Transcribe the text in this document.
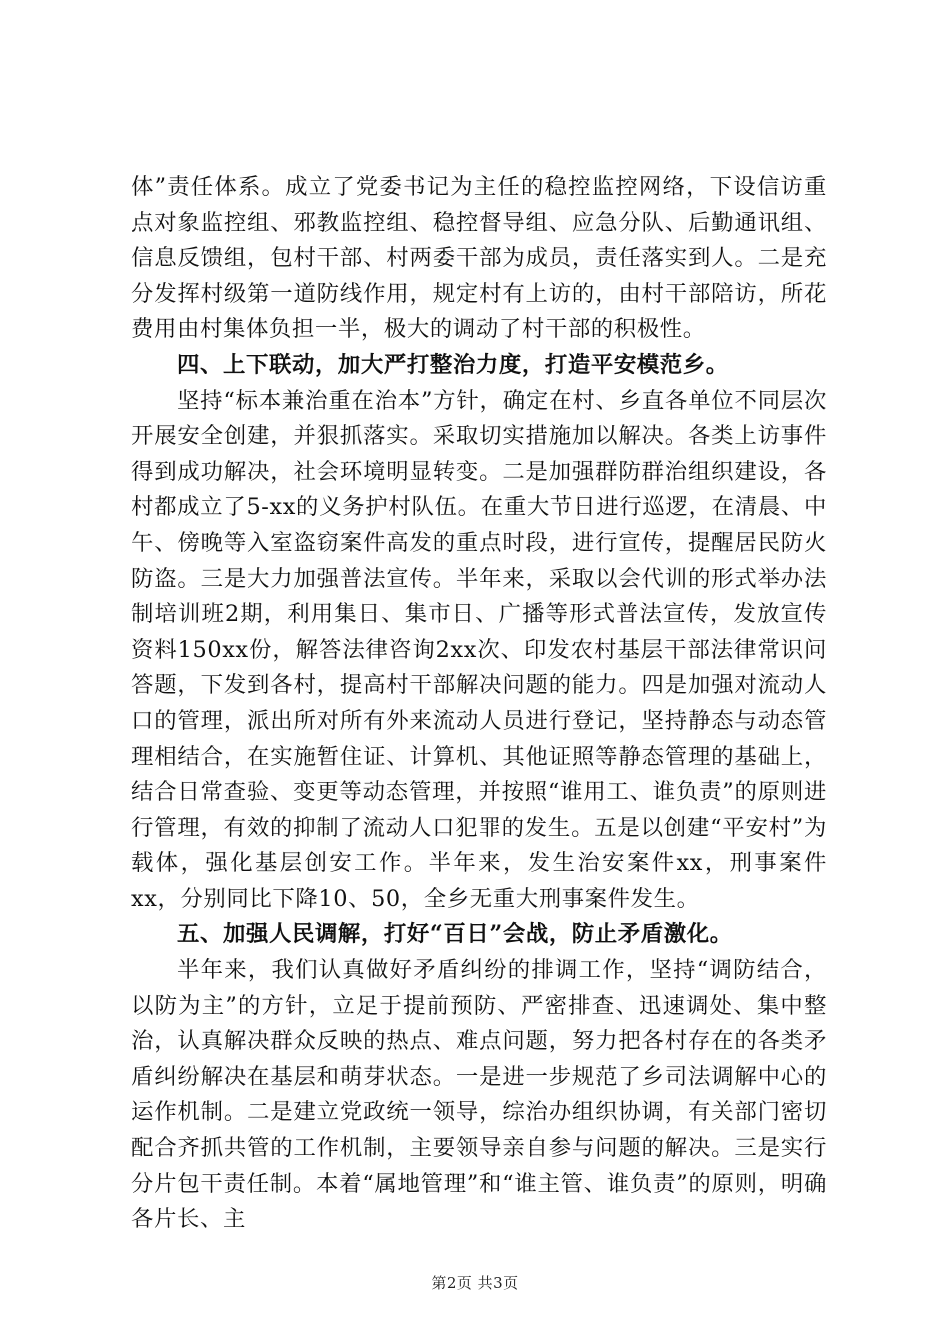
体”责任体系。成立了党委书记为主任的稳控监控网络，下设信访重点对象监控组、邪教监控组、稳控督导组、应急分队、后勤通讯组、信息反馈组，包村干部、村两委干部为成员，责任落实到人。二是充分发挥村级第一道防线作用，规定村有上访的，由村干部陪访，所花费用由村集体负担一半，极大的调动了村干部的积极性。

四、上下联动，加大严打整治力度，打造平安模范乡。

坚持“标本兼治重在治本”方针，确定在村、乡直各单位不同层次开展安全创建，并狠抓落实。采取切实措施加以解决。各类上访事件得到成功解决，社会环境明显转变。二是加强群防群治组织建设，各村都成立了5-xx的义务护村队伍。在重大节日进行巡逻，在清晨、中午、傍晚等入室盗窃案件高发的重点时段，进行宣传，提醒居民防火防盗。三是大力加强普法宣传。半年来，采取以会代训的形式举办法制培训班2期，利用集日、集市日、广播等形式普法宣传，发放宣传资料150xx份，解答法律咨询2xx次、印发农村基层干部法律常识问答题，下发到各村，提高村干部解决问题的能力。四是加强对流动人口的管理，派出所对所有外来流动人员进行登记，坚持静态与动态管理相结合，在实施暂住证、计算机、其他证照等静态管理的基础上，结合日常查验、变更等动态管理，并按照“谁用工、谁负责”的原则进行管理，有效的抑制了流动人口犯罪的发生。五是以创建“平安村”为载体，强化基层创安工作。半年来，发生治安案件xx，刑事案件xx，分别同比下降10、50，全乡无重大刑事案件发生。

五、加强人民调解，打好“百日”会战，防止矛盾激化。

半年来，我们认真做好矛盾纠纷的排调工作，坚持“调防结合，以防为主”的方针，立足于提前预防、严密排查、迅速调处、集中整治，认真解决群众反映的热点、难点问题，努力把各村存在的各类矛盾纠纷解决在基层和萌芽状态。一是进一步规范了乡司法调解中心的运作机制。二是建立党政统一领导，综治办组织协调，有关部门密切配合齐抓共管的工作机制，主要领导亲自参与问题的解决。三是实行分片包干责任制。本着“属地管理”和“谁主管、谁负责”的原则，明确各片长、主

第2页 共3页
